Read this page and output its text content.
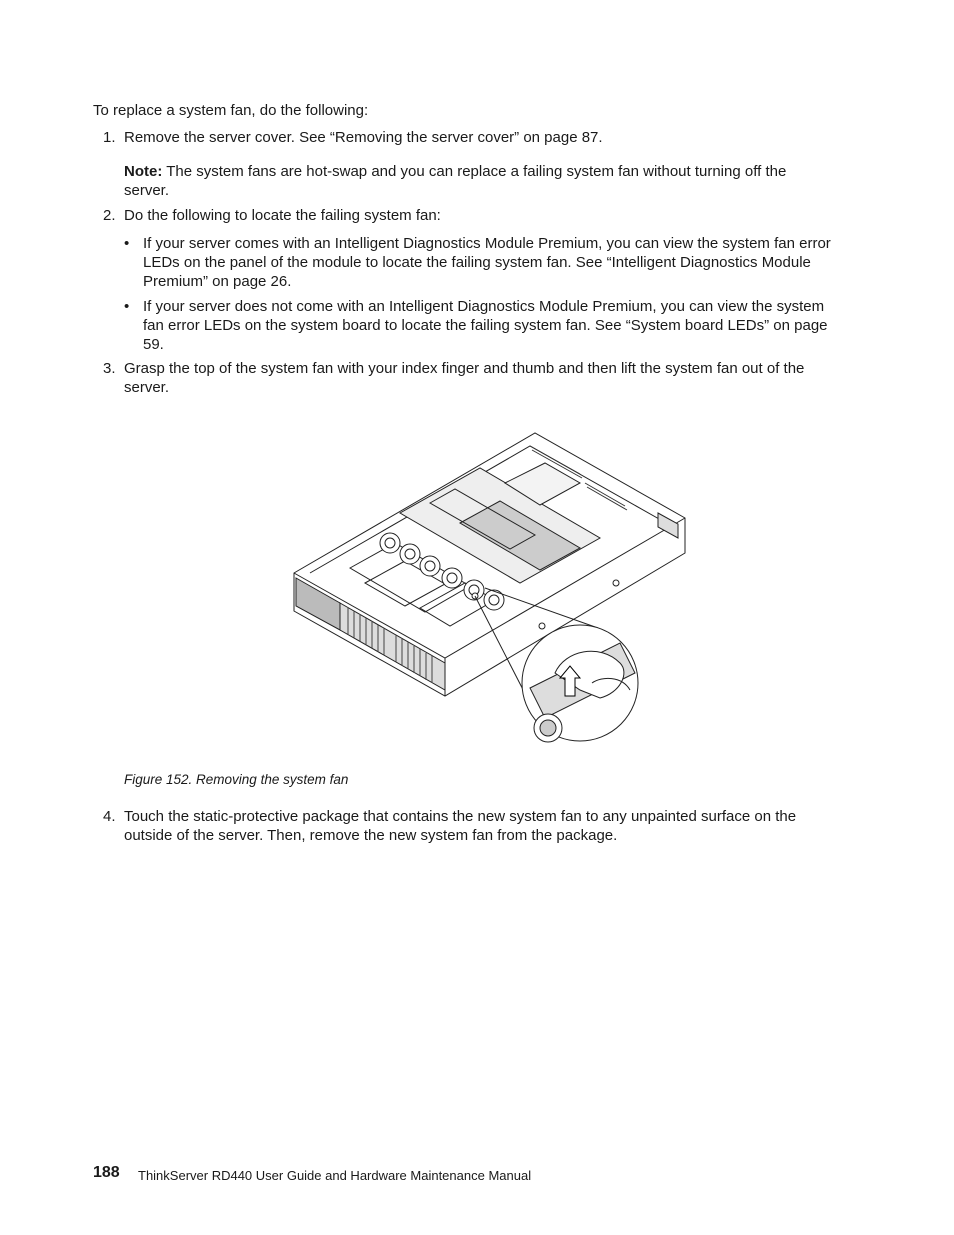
To replace a system fan, do the following:
1. Remove the server cover. See “Removing the server cover” on page 87.
Note: The system fans are hot-swap and you can replace a failing system fan without turning off the server.
2. Do the following to locate the failing system fan:
• If your server comes with an Intelligent Diagnostics Module Premium, you can view the system fan error LEDs on the panel of the module to locate the failing system fan. See “Intelligent Diagnostics Module Premium” on page 26.
• If your server does not come with an Intelligent Diagnostics Module Premium, you can view the system fan error LEDs on the system board to locate the failing system fan. See “System board LEDs” on page 59.
3. Grasp the top of the system fan with your index finger and thumb and then lift the system fan out of the server.
Figure 152. Removing the system fan
4. Touch the static-protective package that contains the new system fan to any unpainted surface on the outside of the server. Then, remove the new system fan from the package.
188 ThinkServer RD440 User Guide and Hardware Maintenance Manual
